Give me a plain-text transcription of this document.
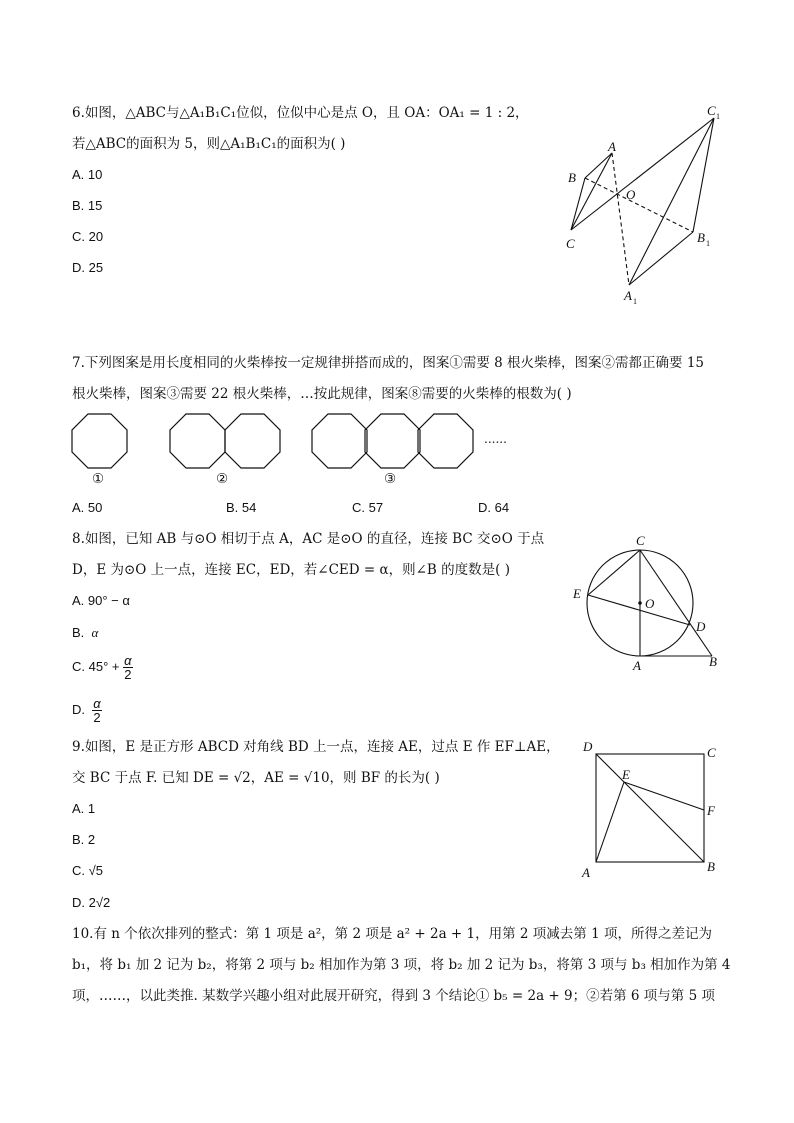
6.如图，△ABC与△A₁B₁C₁位似，位似中心是点 O，且 OA：OA₁ = 1 : 2，
若△ABC的面积为 5，则△A₁B₁C₁的面积为( )
A. 10
B. 15
C. 20
D. 25
A
B
C
O
C 1
B 1
A 1
7.下列图案是用长度相同的火柴棒按一定规律拼搭而成的，图案①需要 8 根火柴棒，图案②需都正确要 15
根火柴棒，图案③需要 22 根火柴棒，…按此规律，图案⑧需要的火柴棒的根数为( )
......
①	②	③
A. 50	B. 54	C. 57	D. 64
8.如图，已知 AB 与⊙O 相切于点 A，AC 是⊙O 的直径，连接 BC 交⊙O 于点
D，E 为⊙O 上一点，连接 EC，ED，若∠CED = α，则∠B 的度数是( )
A. 90° − α
B. α
C. $45^\circ + \frac{\alpha}{2}$
D. $\frac{\alpha}{2}$
C
E
O
D
A	B
9.如图，E 是正方形 ABCD 对角线 BD 上一点，连接 AE，过点 E 作 EF⊥AE，
交 BC 于点 F. 已知 DE = √2，AE = √10，则 BF 的长为( )
A. 1
B. 2
C. √5
D. 2√2
D	C
E
F
A	B
10.有 n 个依次排列的整式：第 1 项是 a²，第 2 项是 a² + 2a + 1，用第 2 项减去第 1 项，所得之差记为
b₁，将 b₁ 加 2 记为 b₂，将第 2 项与 b₂ 相加作为第 3 项，将 b₂ 加 2 记为 b₃，将第 3 项与 b₃ 相加作为第 4
项，……，以此类推. 某数学兴趣小组对此展开研究，得到 3 个结论① b₅ = 2a + 9；②若第 6 项与第 5 项
